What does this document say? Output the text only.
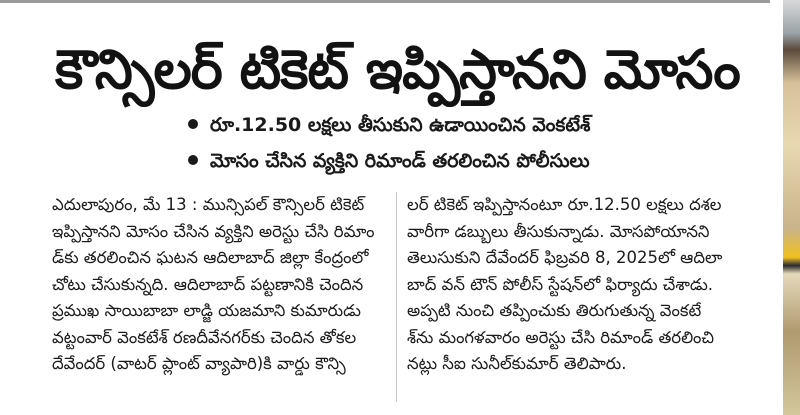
కౌన్సిలర్ టికెట్ ఇప్పిస్తానని మోసం
రూ.12.50 లక్షలు తీసుకుని ఉడాయించిన వెంకటేశ్
మోసం చేసిన వ్యక్తిని రిమాండ్ తరలించిన పోలీసులు
ఎదులాపురం, మే 13 : మున్సిపల్ కౌన్సిలర్ టికెట్
ఇప్పిస్తానని మోసం చేసిన వ్యక్తిని అరెస్టు చేసి రిమాం
డ్‌కు తరలించిన ఘటన ఆదిలాబాద్ జిల్లా కేంద్రంలో
చోటు చేసుకున్నది. ఆదిలాబాద్ పట్టణానికి చెందిన
ప్రముఖ సాయిబాబా లాడ్జి యజమాని కుమారుడు
వట్టంవార్ వెంకటేశ్ రణదీవేనగర్‌కు చెందిన తోకల
దేవేందర్ (వాటర్ ప్లాంట్ వ్యాపారి)కి వార్డు కౌన్సి
లర్ టికెట్ ఇప్పిస్తానంటూ రూ.12.50 లక్షలు దశల
వారీగా డబ్బులు తీసుకున్నాడు. మోసపోయానని
తెలుసుకుని దేవేందర్ ఫిబ్రవరి 8, 2025లో ఆదిలా
బాద్ వన్ టౌన్ పోలీస్ స్టేషన్‌లో ఫిర్యాదు చేశాడు.
అప్పటి నుంచి తప్పించుకు తిరుగుతున్న వెంకటే
శ్‌ను మంగళవారం అరెస్టు చేసి రిమాండ్ తరలించి
నట్లు సీఐ సునీల్‌కుమార్ తెలిపారు.
